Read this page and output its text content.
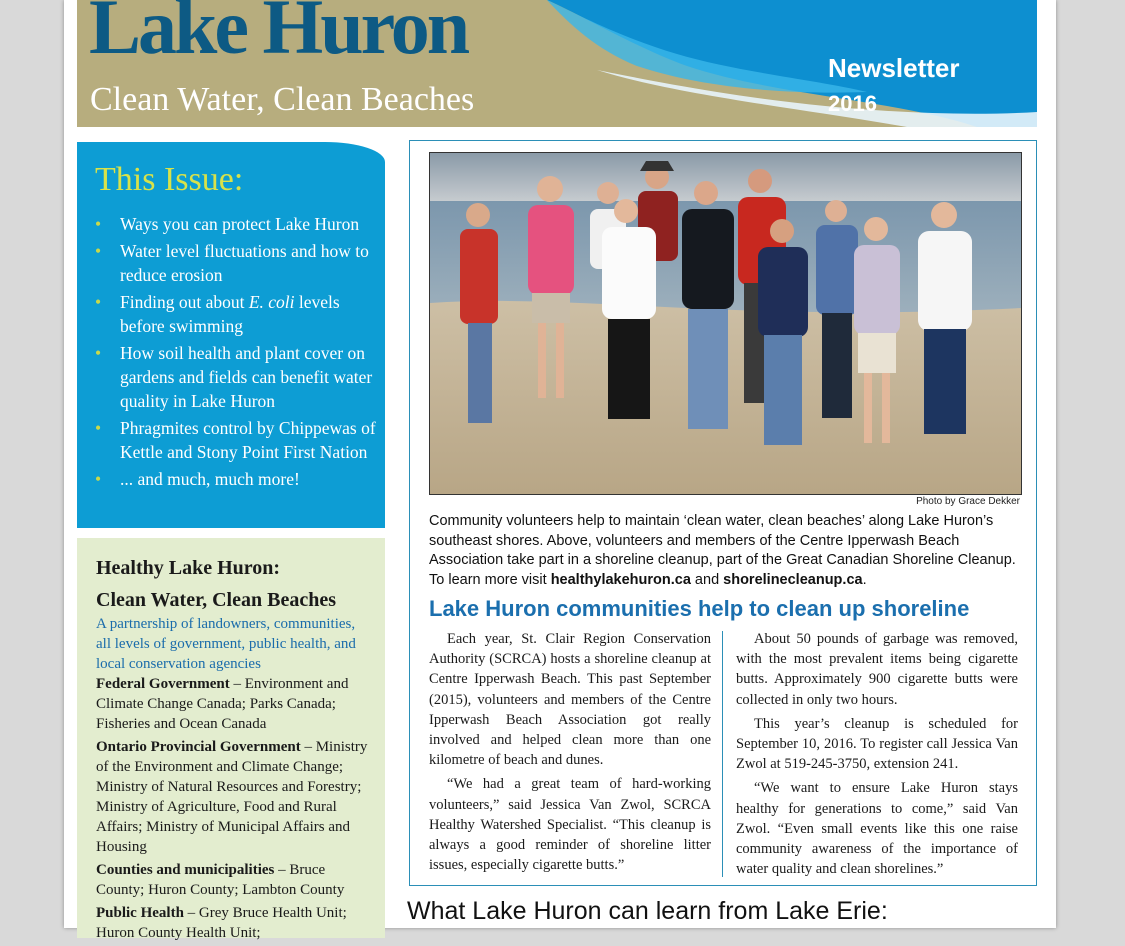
Lake Huron
Clean Water, Clean Beaches
Newsletter
2016
This Issue:
• Ways you can protect Lake Huron
• Water level fluctuations and how to reduce erosion
• Finding out about E. coli levels before swimming
• How soil health and plant cover on gardens and fields can benefit water quality in Lake Huron
• Phragmites control by Chippewas of Kettle and Stony Point First Nation
• ... and much, much more!
Healthy Lake Huron:
Clean Water, Clean Beaches
A partnership of landowners, communities, all levels of government, public health, and local conservation agencies

Federal Government – Environment and Climate Change Canada; Parks Canada; Fisheries and Ocean Canada

Ontario Provincial Government – Ministry of the Environment and Climate Change; Ministry of Natural Resources and Forestry; Ministry of Agriculture, Food and Rural Affairs; Ministry of Municipal Affairs and Housing

Counties and municipalities – Bruce County; Huron County; Lambton County

Public Health – Grey Bruce Health Unit; Huron County Health Unit;

Photo by Grace Dekker
Community volunteers help to maintain ‘clean water, clean beaches’ along Lake Huron’s southeast shores. Above, volunteers and members of the Centre Ipperwash Beach Association take part in a shoreline cleanup, part of the Great Canadian Shoreline Cleanup. To learn more visit healthylakehuron.ca and shorelinecleanup.ca.
Lake Huron communities help to clean up shoreline

Each year, St. Clair Region Conservation Authority (SCRCA) hosts a shoreline cleanup at Centre Ipperwash Beach. This past September (2015), volunteers and members of the Centre Ipperwash Beach Association got really involved and helped clean more than one kilometre of beach and dunes.

“We had a great team of hard-working volunteers,” said Jessica Van Zwol, SCRCA Healthy Watershed Specialist. “This cleanup is always a good reminder of shoreline litter issues, especially cigarette butts.”

About 50 pounds of garbage was removed, with the most prevalent items being cigarette butts. Approximately 900 cigarette butts were collected in only two hours.

This year’s cleanup is scheduled for September 10, 2016. To register call Jessica Van Zwol at 519-245-3750, extension 241.

“We want to ensure Lake Huron stays healthy for generations to come,” said Van Zwol. “Even small events like this one raise community awareness of the importance of water quality and clean shorelines.”

What Lake Huron can learn from Lake Erie:
